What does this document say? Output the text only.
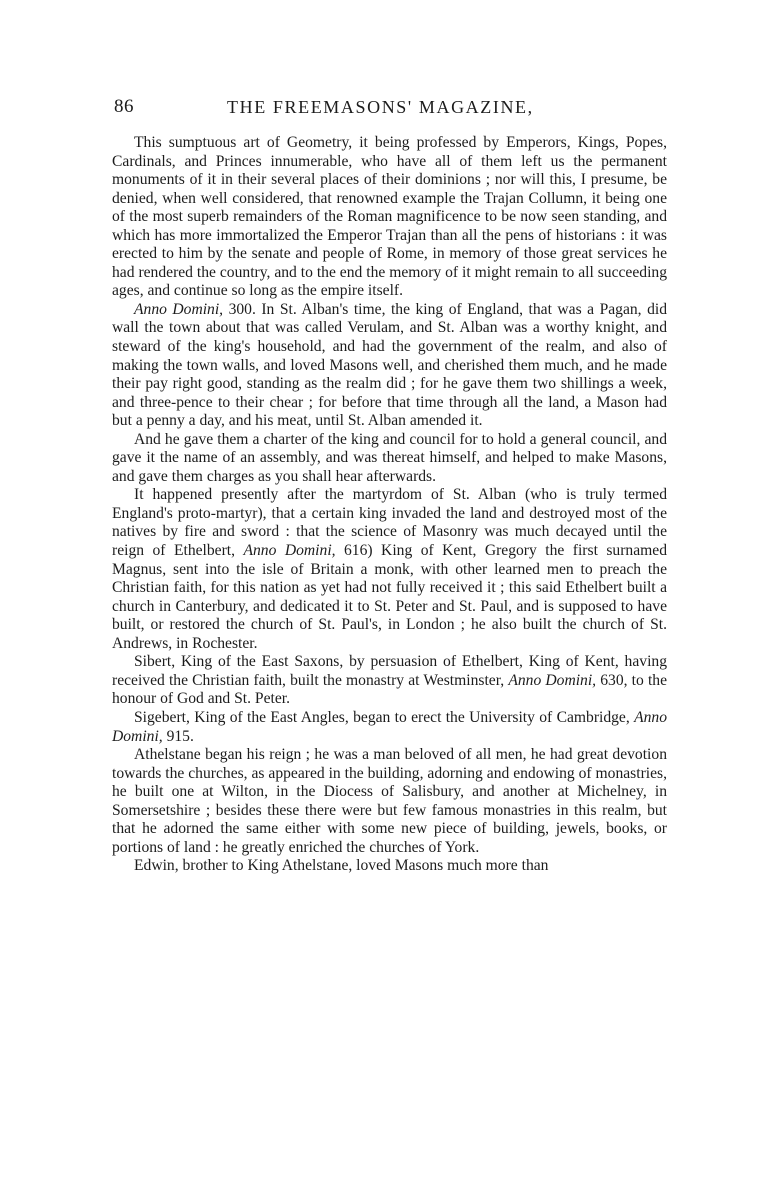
86	THE FREEMASONS' MAGAZINE,

This sumptuous art of Geometry, it being professed by Emperors, Kings, Popes, Cardinals, and Princes innumerable, who have all of them left us the permanent monuments of it in their several places of their dominions ; nor will this, I presume, be denied, when well considered, that renowned example the Trajan Collumn, it being one of the most superb remainders of the Roman magnificence to be now seen standing, and which has more immortalized the Emperor Trajan than all the pens of historians : it was erected to him by the senate and people of Rome, in memory of those great services he had rendered the country, and to the end the memory of it might remain to all succeeding ages, and continue so long as the empire itself.

Anno Domini, 300. In St. Alban's time, the king of England, that was a Pagan, did wall the town about that was called Verulam, and St. Alban was a worthy knight, and steward of the king's household, and had the government of the realm, and also of making the town walls, and loved Masons well, and cherished them much, and he made their pay right good, standing as the realm did ; for he gave them two shillings a week, and three-pence to their chear ; for before that time through all the land, a Mason had but a penny a day, and his meat, until St. Alban amended it.

And he gave them a charter of the king and council for to hold a general council, and gave it the name of an assembly, and was thereat himself, and helped to make Masons, and gave them charges as you shall hear afterwards.

It happened presently after the martyrdom of St. Alban (who is truly termed England's proto-martyr), that a certain king invaded the land and destroyed most of the natives by fire and sword : that the science of Masonry was much decayed until the reign of Ethelbert, Anno Domini, 616) King of Kent, Gregory the first surnamed Magnus, sent into the isle of Britain a monk, with other learned men to preach the Christian faith, for this nation as yet had not fully received it ; this said Ethelbert built a church in Canterbury, and dedicated it to St. Peter and St. Paul, and is supposed to have built, or restored the church of St. Paul's, in London ; he also built the church of St. Andrews, in Rochester.

Sibert, King of the East Saxons, by persuasion of Ethelbert, King of Kent, having received the Christian faith, built the monastry at Westminster, Anno Domini, 630, to the honour of God and St. Peter.

Sigebert, King of the East Angles, began to erect the University of Cambridge, Anno Domini, 915.

Athelstane began his reign ; he was a man beloved of all men, he had great devotion towards the churches, as appeared in the building, adorning and endowing of monastries, he built one at Wilton, in the Diocess of Salisbury, and another at Michelney, in Somersetshire ; besides these there were but few famous monastries in this realm, but that he adorned the same either with some new piece of building, jewels, books, or portions of land : he greatly enriched the churches of York.

Edwin, brother to King Athelstane, loved Masons much more than
